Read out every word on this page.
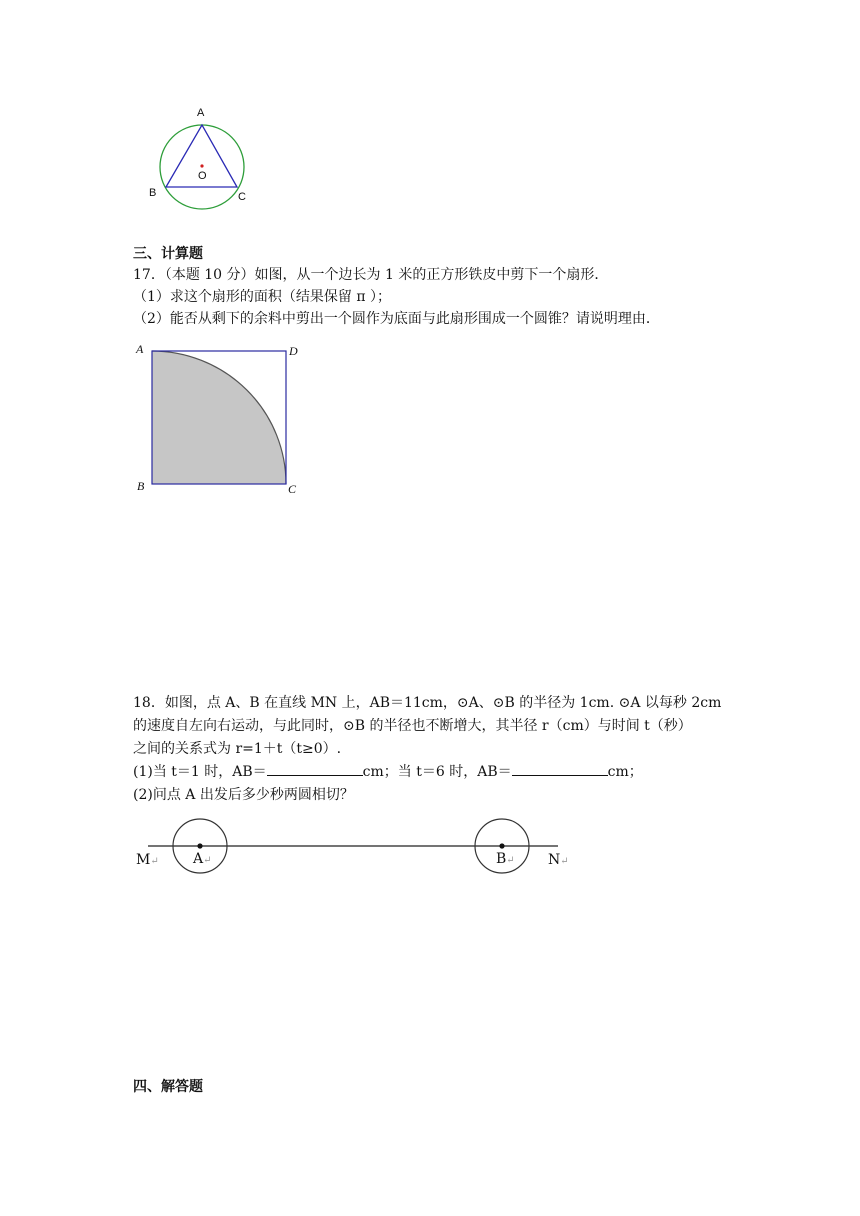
A
O
B	C
三、计算题
17．（本题 10 分）如图，从一个边长为 1 米的正方形铁皮中剪下一个扇形．
（1）求这个扇形的面积（结果保留 π ）；
（2）能否从剩下的余料中剪出一个圆作为底面与此扇形围成一个圆锥？请说明理由．
A	D
B	C
18．如图，点 A、B 在直线 MN 上，AB＝11cm，⊙A、⊙B 的半径为 1cm. ⊙A 以每秒 2cm
的速度自左向右运动，与此同时，⊙B 的半径也不断增大，其半径 r（cm）与时间 t（秒）
之间的关系式为 r=1＋t（t≥0）.
(1)当 t＝1 时，AB＝	cm；当 t＝6 时，AB＝	cm；
(2)问点 A 出发后多少秒两圆相切？
M↵ A↵	B↵ N↵
四、解答题
